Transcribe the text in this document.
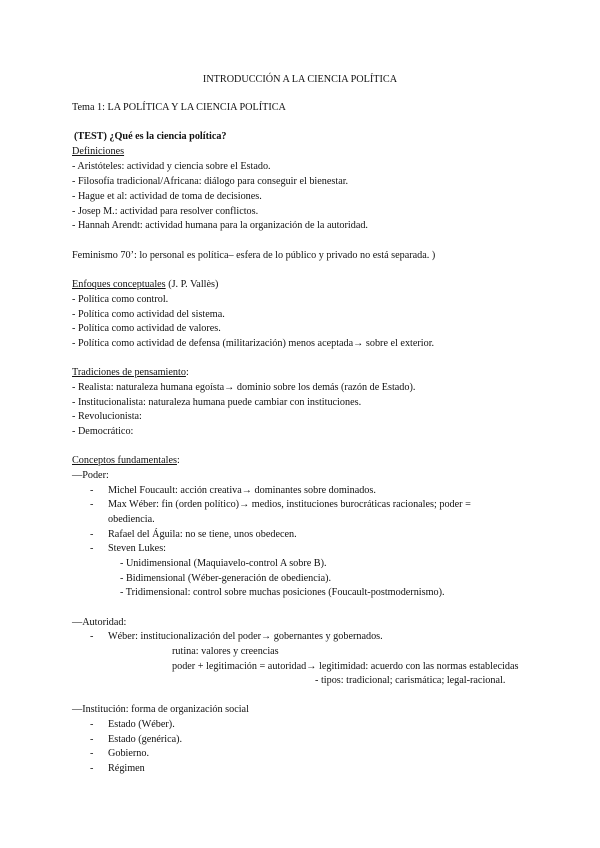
INTRODUCCIÓN A LA CIENCIA POLÍTICA
Tema 1: LA POLÍTICA Y LA CIENCIA POLÍTICA
(TEST) ¿Qué es la ciencia política?
Definiciones
- Aristóteles: actividad y ciencia sobre el Estado.
- Filosofía tradicional/Africana: diálogo para conseguir el bienestar.
- Hague et al: actividad de toma de decisiones.
- Josep M.: actividad para resolver conflictos.
- Hannah Arendt: actividad humana para la organización de la autoridad.
Feminismo 70’: lo personal es política– esfera de lo público y privado no está separada. )
Enfoques conceptuales (J. P. Vallès)
- Política como control.
- Política como actividad del sistema.
- Política como actividad de valores.
- Política como actividad de defensa (militarización) menos aceptada→ sobre el exterior.
Tradiciones de pensamiento:
- Realista: naturaleza humana egoísta→ dominio sobre los demás (razón de Estado).
- Institucionalista: naturaleza humana puede cambiar con instituciones.
- Revolucionista:
- Democrático:
Conceptos fundamentales:
—Poder:
- Michel Foucault: acción creativa→ dominantes sobre dominados.
- Max Wéber: fin (orden político)→ medios, instituciones burocráticas racionales; poder =
obediencia.
- Rafael del Águila: no se tiene, unos obedecen.
- Steven Lukes:
- Unidimensional (Maquiavelo-control A sobre B).
- Bidimensional (Wéber-generación de obediencia).
- Tridimensional: control sobre muchas posiciones (Foucault-postmodernismo).
—Autoridad:
- Wéber: institucionalización del poder→ gobernantes y gobernados.
rutina: valores y creencias
poder + legitimación = autoridad→ legitimidad: acuerdo con las normas establecidas
- tipos: tradicional; carismática; legal-racional.
—Institución: forma de organización social
- Estado (Wéber).
- Estado (genérica).
- Gobierno.
- Régimen
